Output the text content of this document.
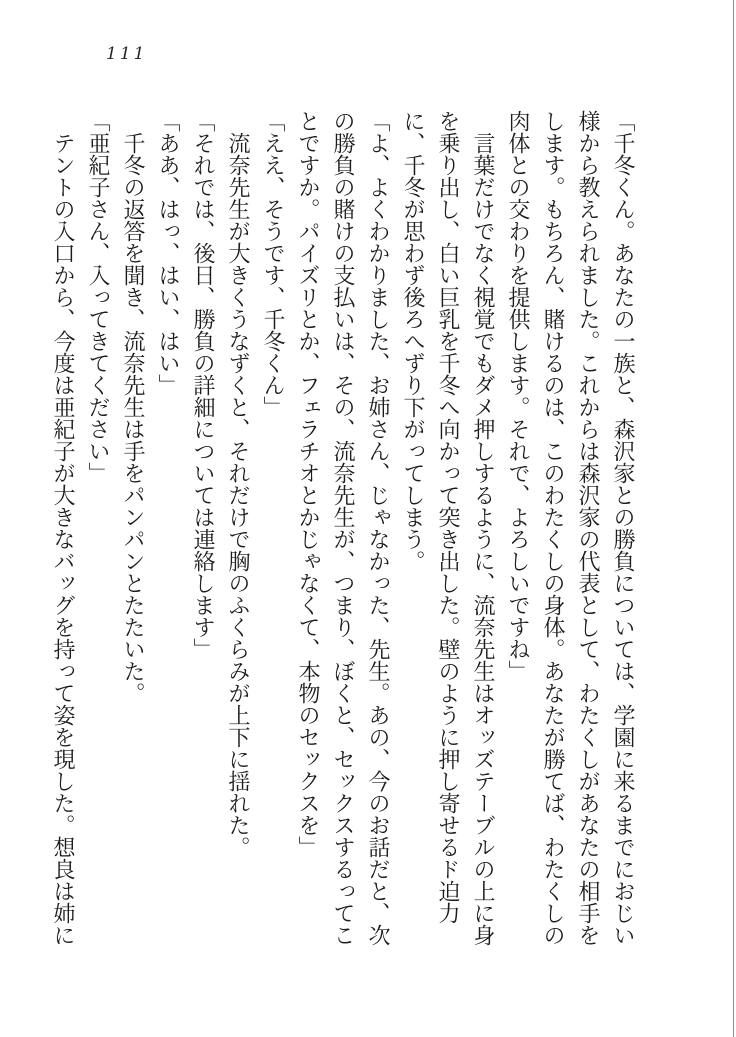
111

「千冬くん。あなたの一族と、森沢家との勝負については、学園に来るまでにおじい様から教えられました。これからは森沢家の代表として、わたくしがあなたの相手をします。もちろん、賭けるのは、このわたくしの身体。あなたが勝てば、わたくしの肉体との交わりを提供します。それで、よろしいですね」

　言葉だけでなく視覚でもダメ押しするように、流奈先生はオッズテーブルの上に身を乗り出し、白い巨乳を千冬へ向かって突き出した。壁のように押し寄せるド迫力に、千冬が思わず後ろへずり下がってしまう。

「よ、よくわかりました、お姉さん、じゃなかった、先生。あの、今のお話だと、次の勝負の賭けの支払いは、その、流奈先生が、つまり、ぼくと、セックスするってことですか。パイズリとか、フェラチオとかじゃなくて、本物のセックスを」

「ええ、そうです、千冬くん」

　流奈先生が大きくうなずくと、それだけで胸のふくらみが上下に揺れた。

「それでは、後日、勝負の詳細については連絡します」

「ああ、はっ、はい、はい」

　千冬の返答を聞き、流奈先生は手をパンパンとたたいた。

「亜紀子さん、入ってきてください」

　テントの入口から、今度は亜紀子が大きなバッグを持って姿を現した。想良は姉に
